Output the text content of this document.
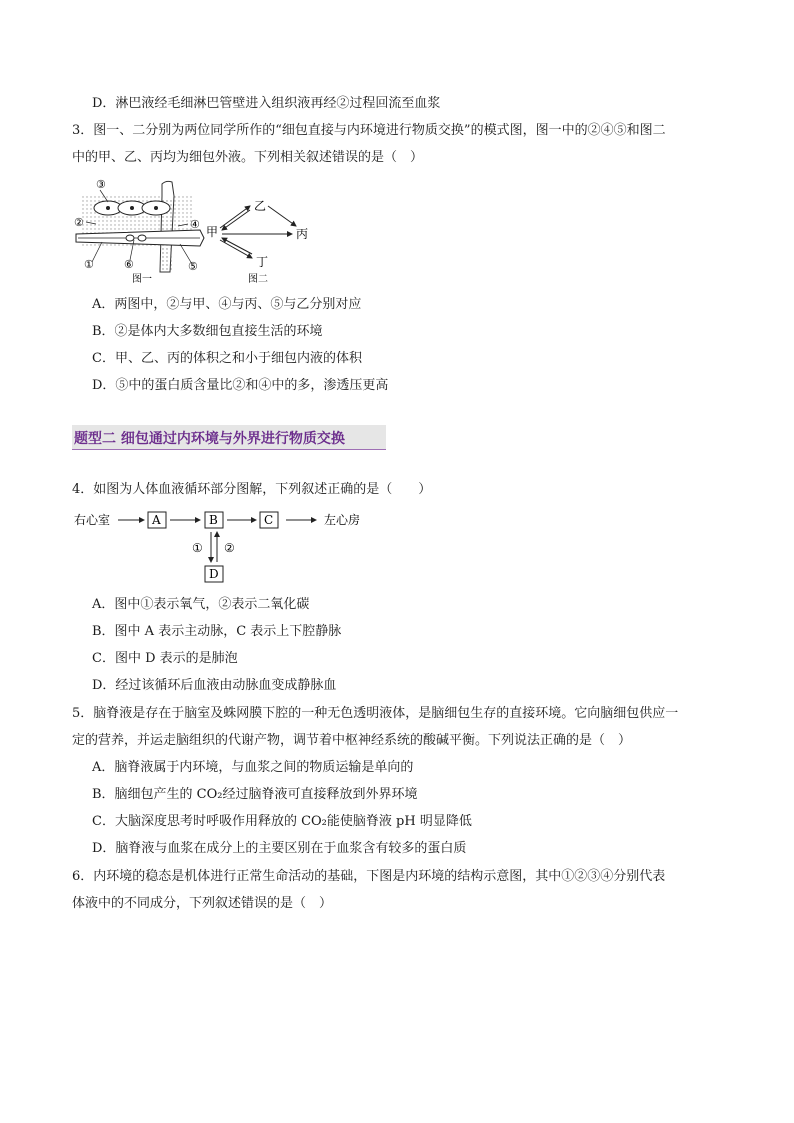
D．淋巴液经毛细淋巴管壁进入组织液再经②过程回流至血浆
3．图一、二分别为两位同学所作的“细包直接与内环境进行物质交换”的模式图，图一中的②④⑤和图二
中的甲、乙、丙均为细包外液。下列相关叙述错误的是（　）
③
②	④
①	⑥	⑤
图一
乙
甲	丙
丁
图二
A．两图中，②与甲、④与丙、⑤与乙分别对应
B．②是体内大多数细包直接生活的环境
C．甲、乙、丙的体积之和小于细包内液的体积
D．⑤中的蛋白质含量比②和④中的多，渗透压更高
题型二 细包通过内环境与外界进行物质交换
4．如图为人体血液循环部分图解，下列叙述正确的是（　　）
右心室	A	B	C	左心房
① ②
D
A．图中①表示氧气，②表示二氧化碳
B．图中 A 表示主动脉，C 表示上下腔静脉
C．图中 D 表示的是肺泡
D．经过该循环后血液由动脉血变成静脉血
5．脑脊液是存在于脑室及蛛网膜下腔的一种无色透明液体，是脑细包生存的直接环境。它向脑细包供应一
定的营养，并运走脑组织的代谢产物，调节着中枢神经系统的酸碱平衡。下列说法正确的是（　）
A．脑脊液属于内环境，与血浆之间的物质运输是单向的
B．脑细包产生的 CO₂经过脑脊液可直接释放到外界环境
C．大脑深度思考时呼吸作用释放的 CO₂能使脑脊液 pH 明显降低
D．脑脊液与血浆在成分上的主要区别在于血浆含有较多的蛋白质
6．内环境的稳态是机体进行正常生命活动的基础，下图是内环境的结构示意图，其中①②③④分别代表
体液中的不同成分，下列叙述错误的是（　）
